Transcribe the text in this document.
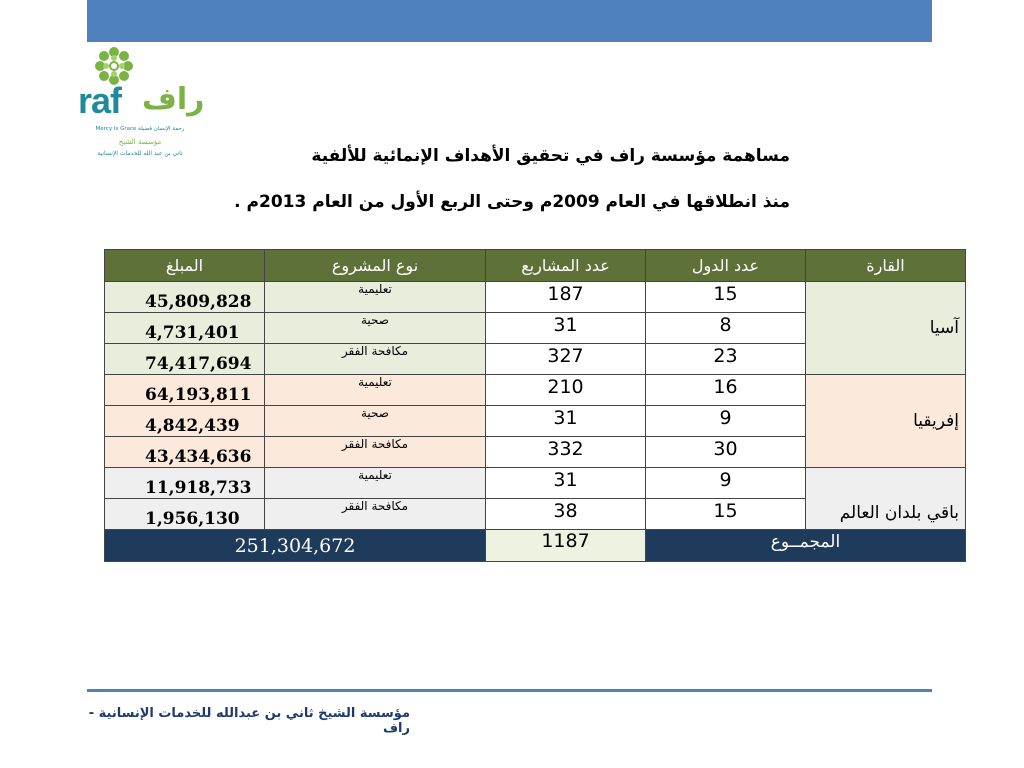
raf راف
Mercy Is Grace رحمة الإنسان فضيلة
مؤسسة الشيخ
ثاني بن عبد الله للخدمات الإنسانية	مساهمة مؤسسة راف في تحقيق الأهداف الإنمائية للألفية
منذ انطلاقها في العام 2009م وحتى الربع الأول من العام 2013م .
القارة	عدد الدول	عدد المشاريع	نوع المشروع	المبلغ
آسيا	15	187	تعليمية	45,809,828
	8	31	صحية	4,731,401
	23	327	مكافحة الفقر	74,417,694
إفريقيا	16	210	تعليمية	64,193,811
	9	31	صحية	4,842,439
	30	332	مكافحة الفقر	43,434,636
باقي بلدان العالم	9	31	تعليمية	11,918,733
	15	38	مكافحة الفقر	1,956,130
المجمــوع		1187	251,304,672	
مؤسسة الشيخ ثاني بن عبدالله للخدمات الإنسانية - راف
